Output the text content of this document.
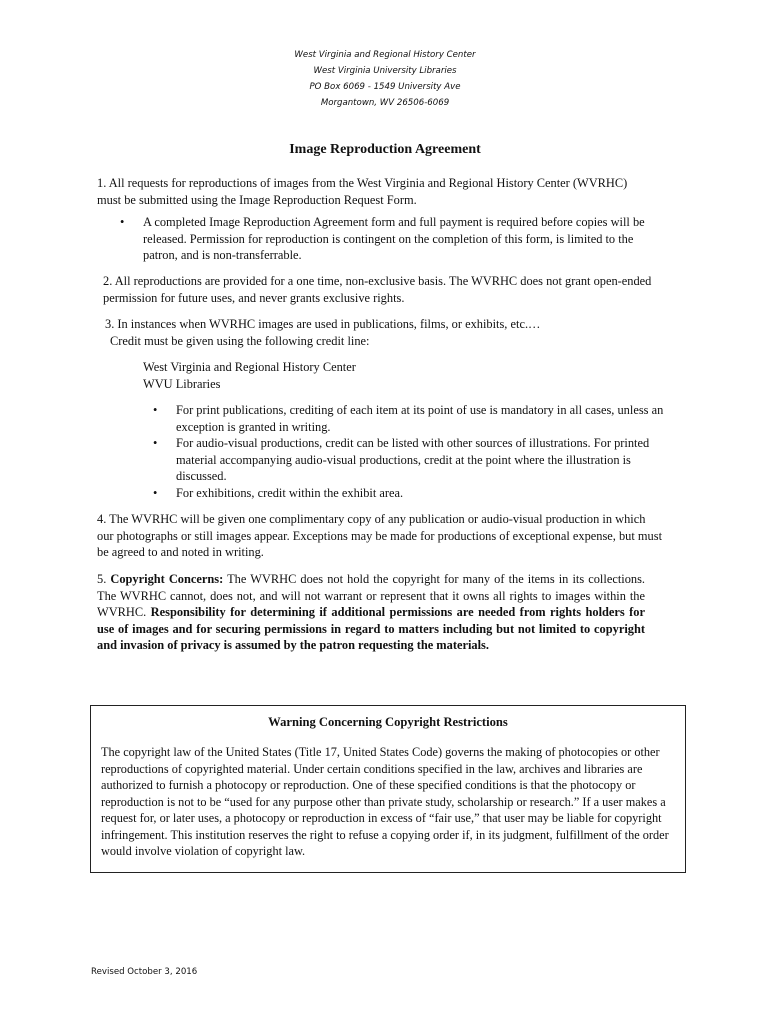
West Virginia and Regional History Center
West Virginia University Libraries
PO Box 6069 - 1549 University Ave
Morgantown, WV 26506-6069
Image Reproduction Agreement

1. All requests for reproductions of images from the West Virginia and Regional History Center (WVRHC) must be submitted using the Image Reproduction Request Form.

• A completed Image Reproduction Agreement form and full payment is required before copies will be released. Permission for reproduction is contingent on the completion of this form, is limited to the patron, and is non-transferrable.

2. All reproductions are provided for a one time, non-exclusive basis. The WVRHC does not grant open-ended permission for future uses, and never grants exclusive rights.

3. In instances when WVRHC images are used in publications, films, or exhibits, etc.…
Credit must be given using the following credit line:

West Virginia and Regional History Center
WVU Libraries

• For print publications, crediting of each item at its point of use is mandatory in all cases, unless an exception is granted in writing.
• For audio-visual productions, credit can be listed with other sources of illustrations. For printed material accompanying audio-visual productions, credit at the point where the illustration is discussed.
• For exhibitions, credit within the exhibit area.

4. The WVRHC will be given one complimentary copy of any publication or audio-visual production in which our photographs or still images appear. Exceptions may be made for productions of exceptional expense, but must be agreed to and noted in writing.

5. Copyright Concerns: The WVRHC does not hold the copyright for many of the items in its collections. The WVRHC cannot, does not, and will not warrant or represent that it owns all rights to images within the WVRHC. Responsibility for determining if additional permissions are needed from rights holders for use of images and for securing permissions in regard to matters including but not limited to copyright and invasion of privacy is assumed by the patron requesting the materials.

Warning Concerning Copyright Restrictions

The copyright law of the United States (Title 17, United States Code) governs the making of photocopies or other reproductions of copyrighted material. Under certain conditions specified in the law, archives and libraries are authorized to furnish a photocopy or reproduction. One of these specified conditions is that the photocopy or reproduction is not to be “used for any purpose other than private study, scholarship or research.” If a user makes a request for, or later uses, a photocopy or reproduction in excess of “fair use,” that user may be liable for copyright infringement. This institution reserves the right to refuse a copying order if, in its judgment, fulfillment of the order would involve violation of copyright law.

Revised October 3, 2016
